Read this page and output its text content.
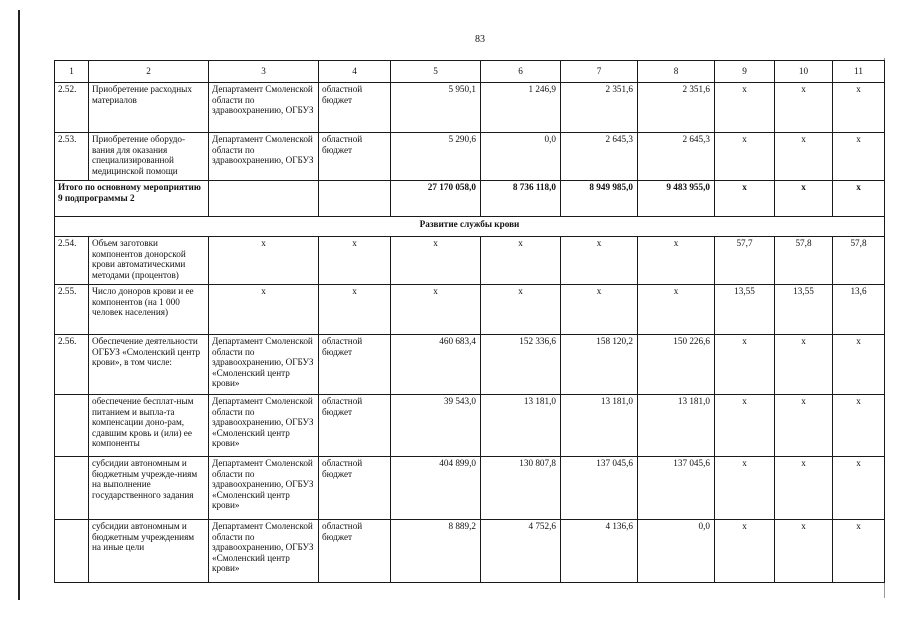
83
1	2	3	4	5	6	7	8	9	10	11
2.52.	Приобретение расходных материалов	Департамент Смоленской области по здравоохранению, ОГБУЗ	областной бюджет	5 950,1	1 246,9	2 351,6	2 351,6	x	x	x
2.53.	Приобретение оборудо-вания для оказания специализированной медицинской помощи	Департамент Смоленской области по здравоохранению, ОГБУЗ	областной бюджет	5 290,6	0,0	2 645,3	2 645,3	x	x	x
Итого по основному мероприятию 9 подпрограммы 2				27 170 058,0	8 736 118,0	8 949 985,0	9 483 955,0	x	x	x
Развитие службы крови										
2.54.	Объем заготовки компонентов донорской крови автоматическими методами (процентов)	x	x	x	x	x	x	57,7	57,8	57,8
2.55.	Число доноров крови и ее компонентов (на 1 000 человек населения)	x	x	x	x	x	x	13,55	13,55	13,6
2.56.	Обеспечение деятельности ОГБУЗ «Смоленский центр крови», в том числе:	Департамент Смоленской области по здравоохранению, ОГБУЗ «Смоленский центр крови»	областной бюджет	460 683,4	152 336,6	158 120,2	150 226,6	x	x	x
	обеспечение бесплат-ным питанием и выпла-та компенсации доно-рам, сдавшим кровь и (или) ее компоненты	Департамент Смоленской области по здравоохранению, ОГБУЗ «Смоленский центр крови»	областной бюджет	39 543,0	13 181,0	13 181,0	13 181,0	x	x	x
	субсидии автономным и бюджетным учрежде-ниям на выполнение государственного задания	Департамент Смоленской области по здравоохранению, ОГБУЗ «Смоленский центр крови»	областной бюджет	404 899,0	130 807,8	137 045,6	137 045,6	x	x	x
	субсидии автономным и бюджетным учреждениям на иные цели	Департамент Смоленской области по здравоохранению, ОГБУЗ «Смоленский центр крови»	областной бюджет	8 889,2	4 752,6	4 136,6	0,0	x	x	x
